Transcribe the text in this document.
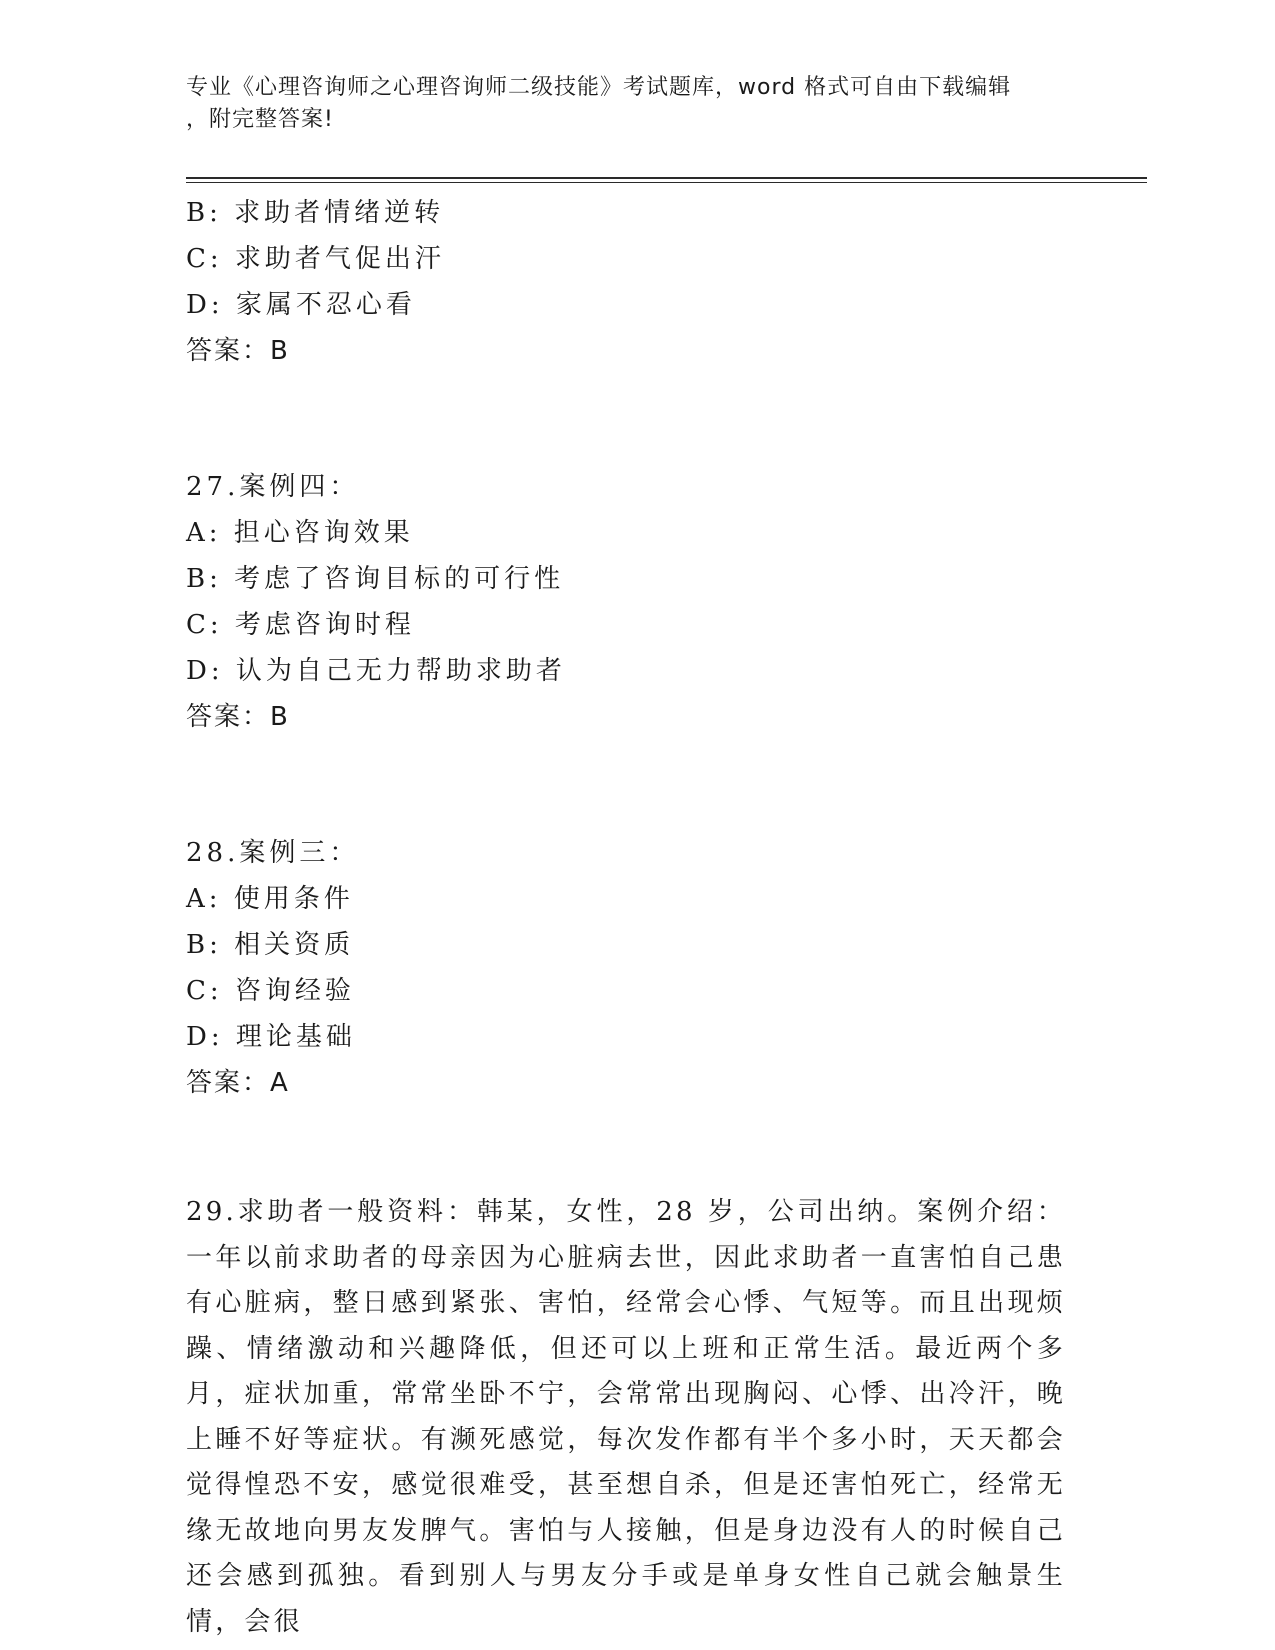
专业《心理咨询师之心理咨询师二级技能》考试题库，word 格式可自由下载编辑
，附完整答案!
B: 求助者情绪逆转
C: 求助者气促出汗
D: 家属不忍心看
答案：B
27.案例四：
A: 担心咨询效果
B: 考虑了咨询目标的可行性
C: 考虑咨询时程
D: 认为自己无力帮助求助者
答案：B
28.案例三：
A: 使用条件
B: 相关资质
C: 咨询经验
D: 理论基础
答案：A
29.求助者一般资料：韩某，女性，28 岁，公司出纳。案例介绍：一年以前求助者的母亲因为心脏病去世，因此求助者一直害怕自己患有心脏病，整日感到紧张、害怕，经常会心悸、气短等。而且出现烦躁、情绪激动和兴趣降低，但还可以上班和正常生活。最近两个多月，症状加重，常常坐卧不宁，会常常出现胸闷、心悸、出冷汗，晚上睡不好等症状。有濒死感觉，每次发作都有半个多小时，天天都会觉得惶恐不安，感觉很难受，甚至想自杀，但是还害怕死亡，经常无缘无故地向男友发脾气。害怕与人接触，但是身边没有人的时候自己还会感到孤独。看到别人与男友分手或是单身女性自己就会触景生情，会很
